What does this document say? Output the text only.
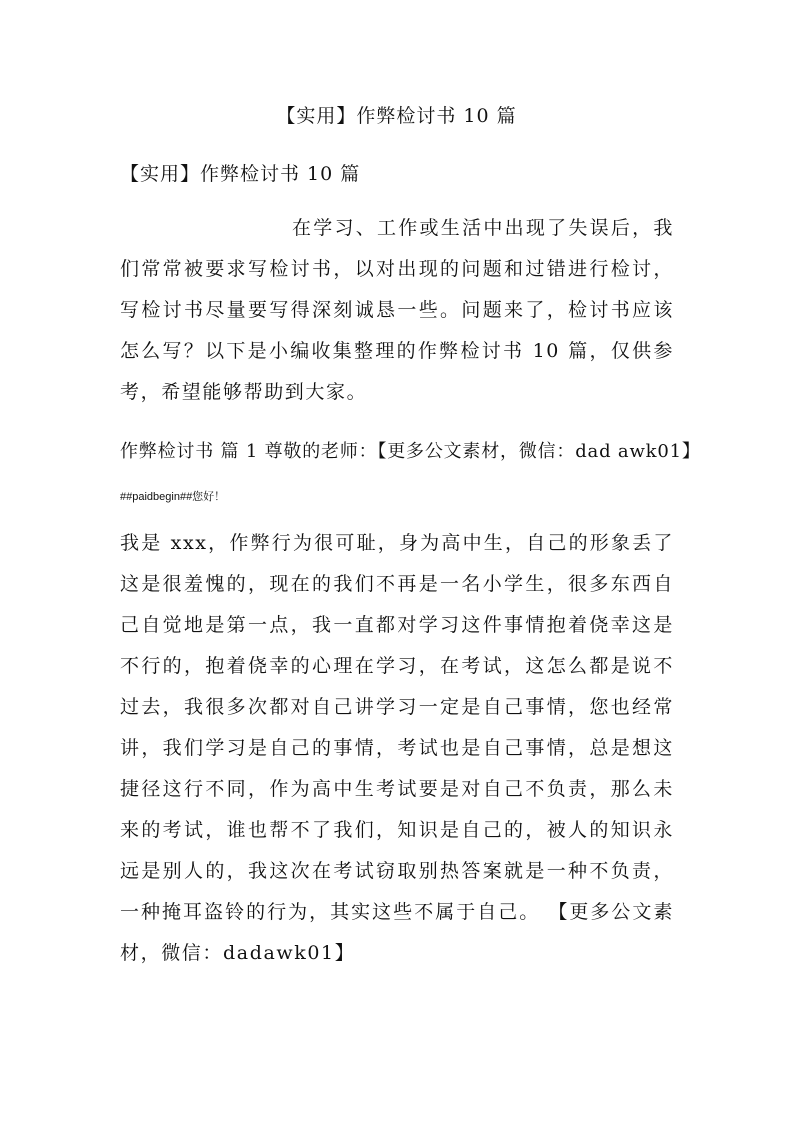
【实用】作弊检讨书 10 篇

【实用】作弊检讨书 10 篇

在学习、工作或生活中出现了失误后，我们常常被要求写检讨书，以对出现的问题和过错进行检讨，写检讨书尽量要写得深刻诚恳一些。问题来了，检讨书应该怎么写？以下是小编收集整理的作弊检讨书 10 篇，仅供参考，希望能够帮助到大家。

作弊检讨书 篇 1 尊敬的老师：【更多公文素材，微信：dad awk01】

##paidbegin##您好！

我是 xxx，作弊行为很可耻，身为高中生，自己的形象丢了这是很羞愧的，现在的我们不再是一名小学生，很多东西自己自觉地是第一点，我一直都对学习这件事情抱着侥幸这是不行的，抱着侥幸的心理在学习，在考试，这怎么都是说不过去，我很多次都对自己讲学习一定是自己事情，您也经常讲，我们学习是自己的事情，考试也是自己事情，总是想这捷径这行不同，作为高中生考试要是对自己不负责，那么未来的考试，谁也帮不了我们，知识是自己的，被人的知识永远是别人的，我这次在考试窃取别热答案就是一种不负责，一种掩耳盗铃的行为，其实这些不属于自己。 【更多公文素材，微信：dadawk01】
